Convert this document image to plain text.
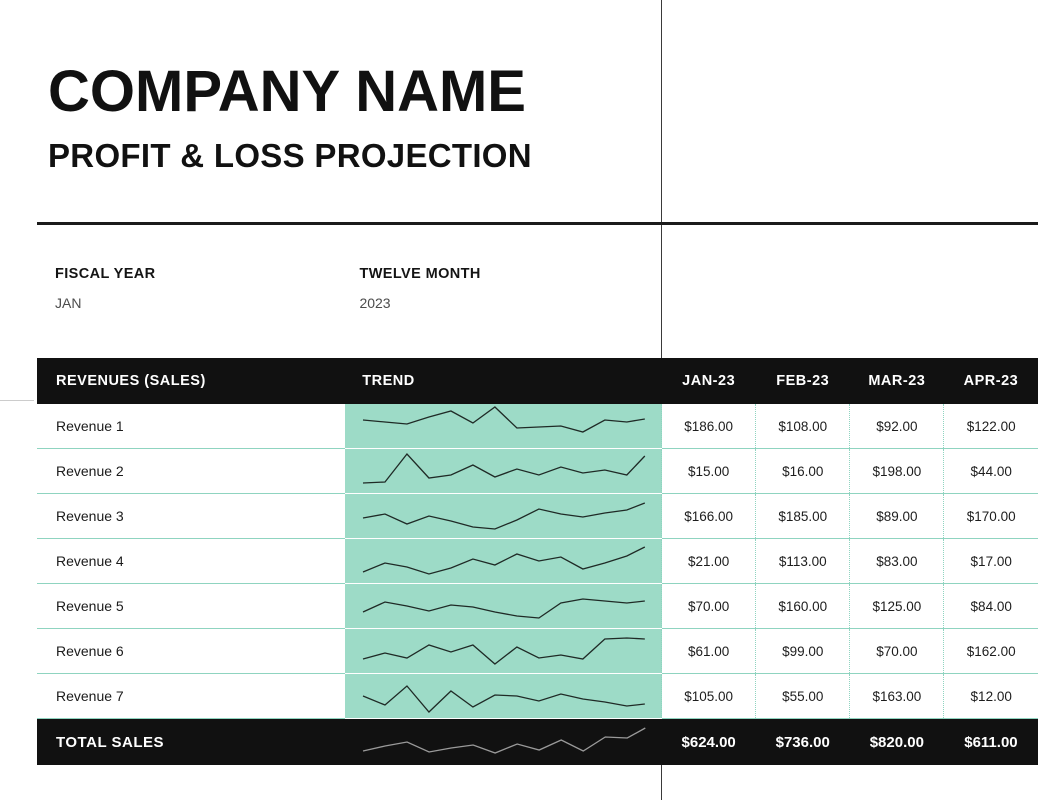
COMPANY NAME
PROFIT & LOSS PROJECTION

FISCAL YEAR

JAN

TWELVE MONTH

2023

REVENUES (SALES)	TREND	JAN-23	FEB-23	MAR-23	APR-23
Revenue 1		$186.00	$108.00	$92.00	$122.00
Revenue 2		$15.00	$16.00	$198.00	$44.00
Revenue 3		$166.00	$185.00	$89.00	$170.00
Revenue 4		$21.00	$113.00	$83.00	$17.00
Revenue 5		$70.00	$160.00	$125.00	$84.00
Revenue 6		$61.00	$99.00	$70.00	$162.00
Revenue 7		$105.00	$55.00	$163.00	$12.00
TOTAL SALES		$624.00	$736.00	$820.00	$611.00
